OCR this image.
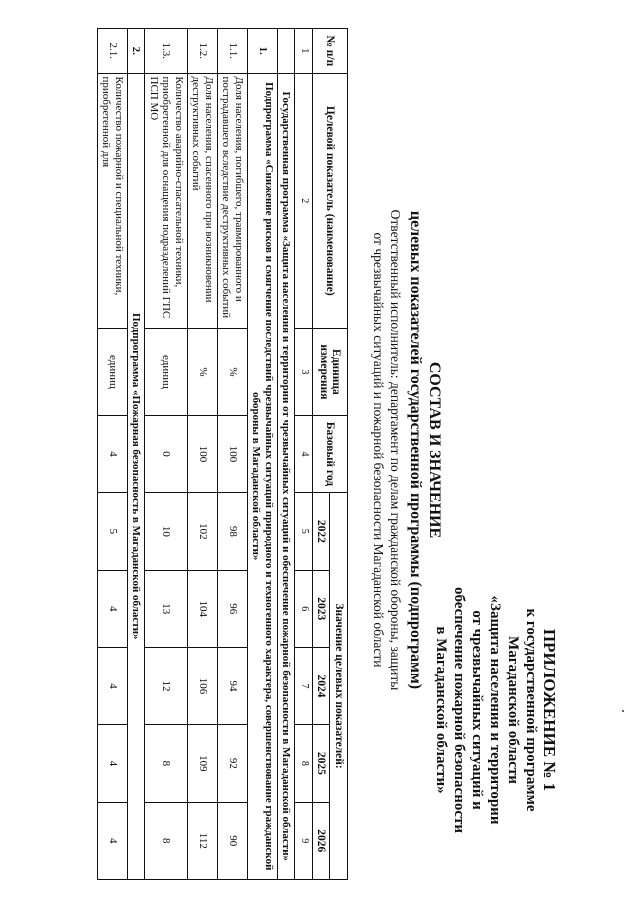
ПРИЛОЖЕНИЕ № 1
к государственной программе
Магаданской области
«Защита населения и территории
от чрезвычайных ситуаций и
обеспечение пожарной безопасности
в Магаданской области»
СОСТАВ И ЗНАЧЕНИЕ
целевых показателей государственной программы (подпрограмм)
Ответственный исполнитель: департамент по делам гражданской обороны, защиты
от чрезвычайных ситуаций и пожарной безопасности Магаданской области
№ п/п	Целевой показатель (наименование)	Единица измерения	Базовый год	Значение целевых показателей:				
				2022	2023	2024	2025	2026
1	2	3	4	5	6	7	8	9
	Государственная программа «Защита населения и территории от чрезвычайных ситуаций и обеспечение пожарной безопасности в Магаданской области»							
1.	Подпрограмма «Снижение рисков и смягчение последствий чрезвычайных ситуаций природного и техногенного характера, совершенствование гражданской обороны в Магаданской области»							
1.1.	Доля населения, погибшего, травмированного и пострадавшего вследствие деструктивных событий	%	100	98	96	94	92	90
1.2.	Доля населения, спасенного при возникновении деструктивных событий	%	100	102	104	106	109	112
1.3.	Количество аварийно-спасательной техники, приобретенной для оснащения подразделений ГПС ПСП МО	единиц	0	10	13	12	8	8
2.	Подпрограмма «Пожарная безопасность в Магаданской области»							
2.1.	Количество пожарной и специальной техники, приобретенной для	единиц	4	5	4	4	4	4
